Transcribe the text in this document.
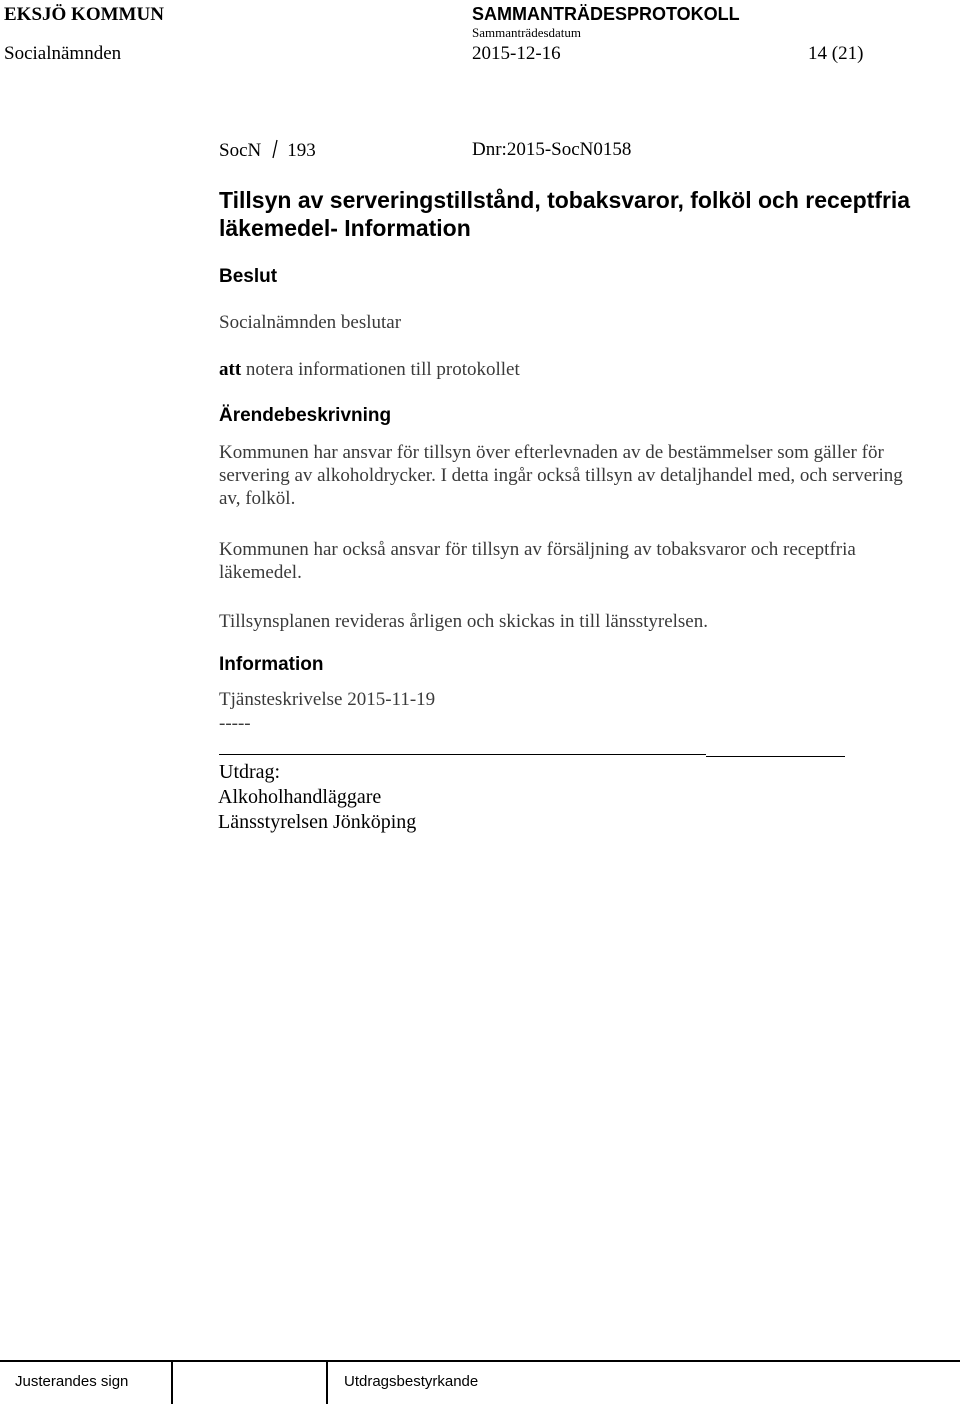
EKSJÖ KOMMUN	SAMMANTRÄDESPROTOKOLL
Sammanträdesdatum
Socialnämnden	2015-12-16	14 (21)
SocN 193	Dnr:2015-SocN0158
Tillsyn av serveringstillstånd, tobaksvaror, folköl och receptfria läkemedel- Information
Beslut
Socialnämnden beslutar
att notera informationen till protokollet
Ärendebeskrivning
Kommunen har ansvar för tillsyn över efterlevnaden av de bestämmelser som gäller för servering av alkoholdrycker. I detta ingår också tillsyn av detaljhandel med, och servering av, folköl.
Kommunen har också ansvar för tillsyn av försäljning av tobaksvaror och receptfria läkemedel.
Tillsynsplanen revideras årligen och skickas in till länsstyrelsen.
Information
Tjänsteskrivelse 2015-11-19
-----
Utdrag:
Alkoholhandläggare
Länsstyrelsen Jönköping
Justerandes sign	Utdragsbestyrkande
